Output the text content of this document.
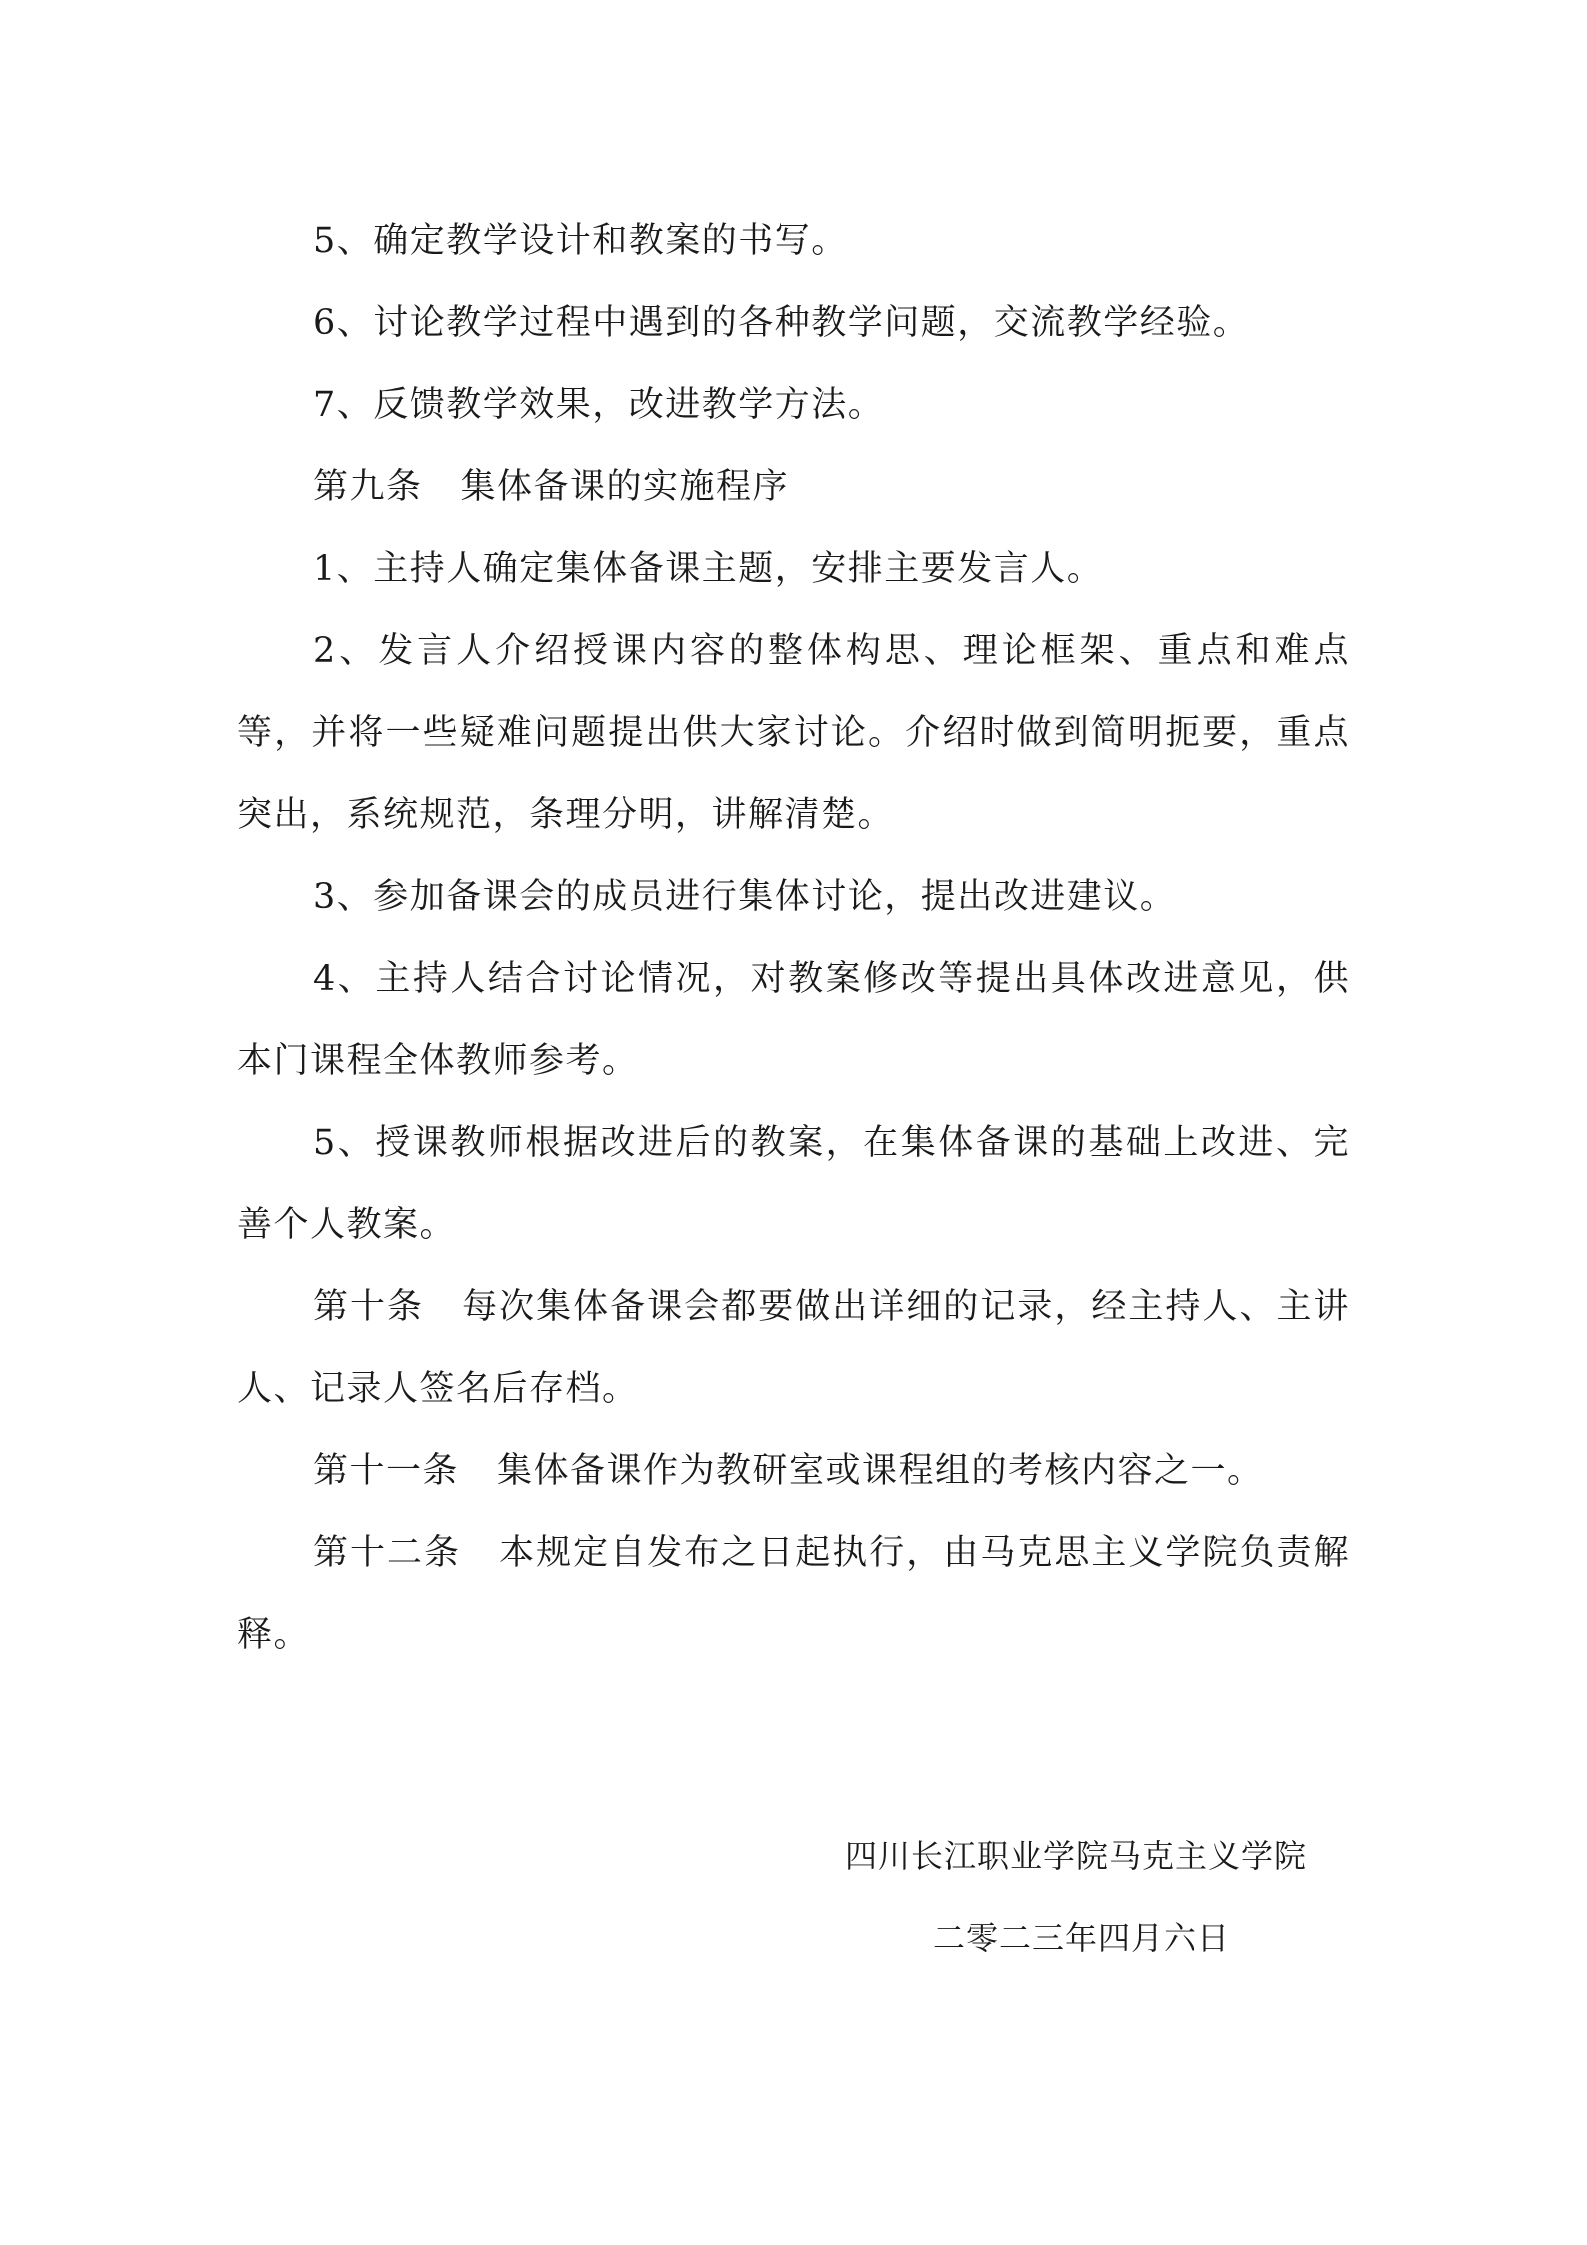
5、确定教学设计和教案的书写。

6、讨论教学过程中遇到的各种教学问题，交流教学经验。

7、反馈教学效果，改进教学方法。

第九条 集体备课的实施程序

1、主持人确定集体备课主题，安排主要发言人。

2、发言人介绍授课内容的整体构思、理论框架、重点和难点等，并将一些疑难问题提出供大家讨论。介绍时做到简明扼要，重点突出，系统规范，条理分明，讲解清楚。

3、参加备课会的成员进行集体讨论，提出改进建议。

4、主持人结合讨论情况，对教案修改等提出具体改进意见，供本门课程全体教师参考。

5、授课教师根据改进后的教案，在集体备课的基础上改进、完善个人教案。

第十条 每次集体备课会都要做出详细的记录，经主持人、主讲人、记录人签名后存档。

第十一条 集体备课作为教研室或课程组的考核内容之一。

第十二条 本规定自发布之日起执行，由马克思主义学院负责解释。

四川长江职业学院马克主义学院
二零二三年四月六日
